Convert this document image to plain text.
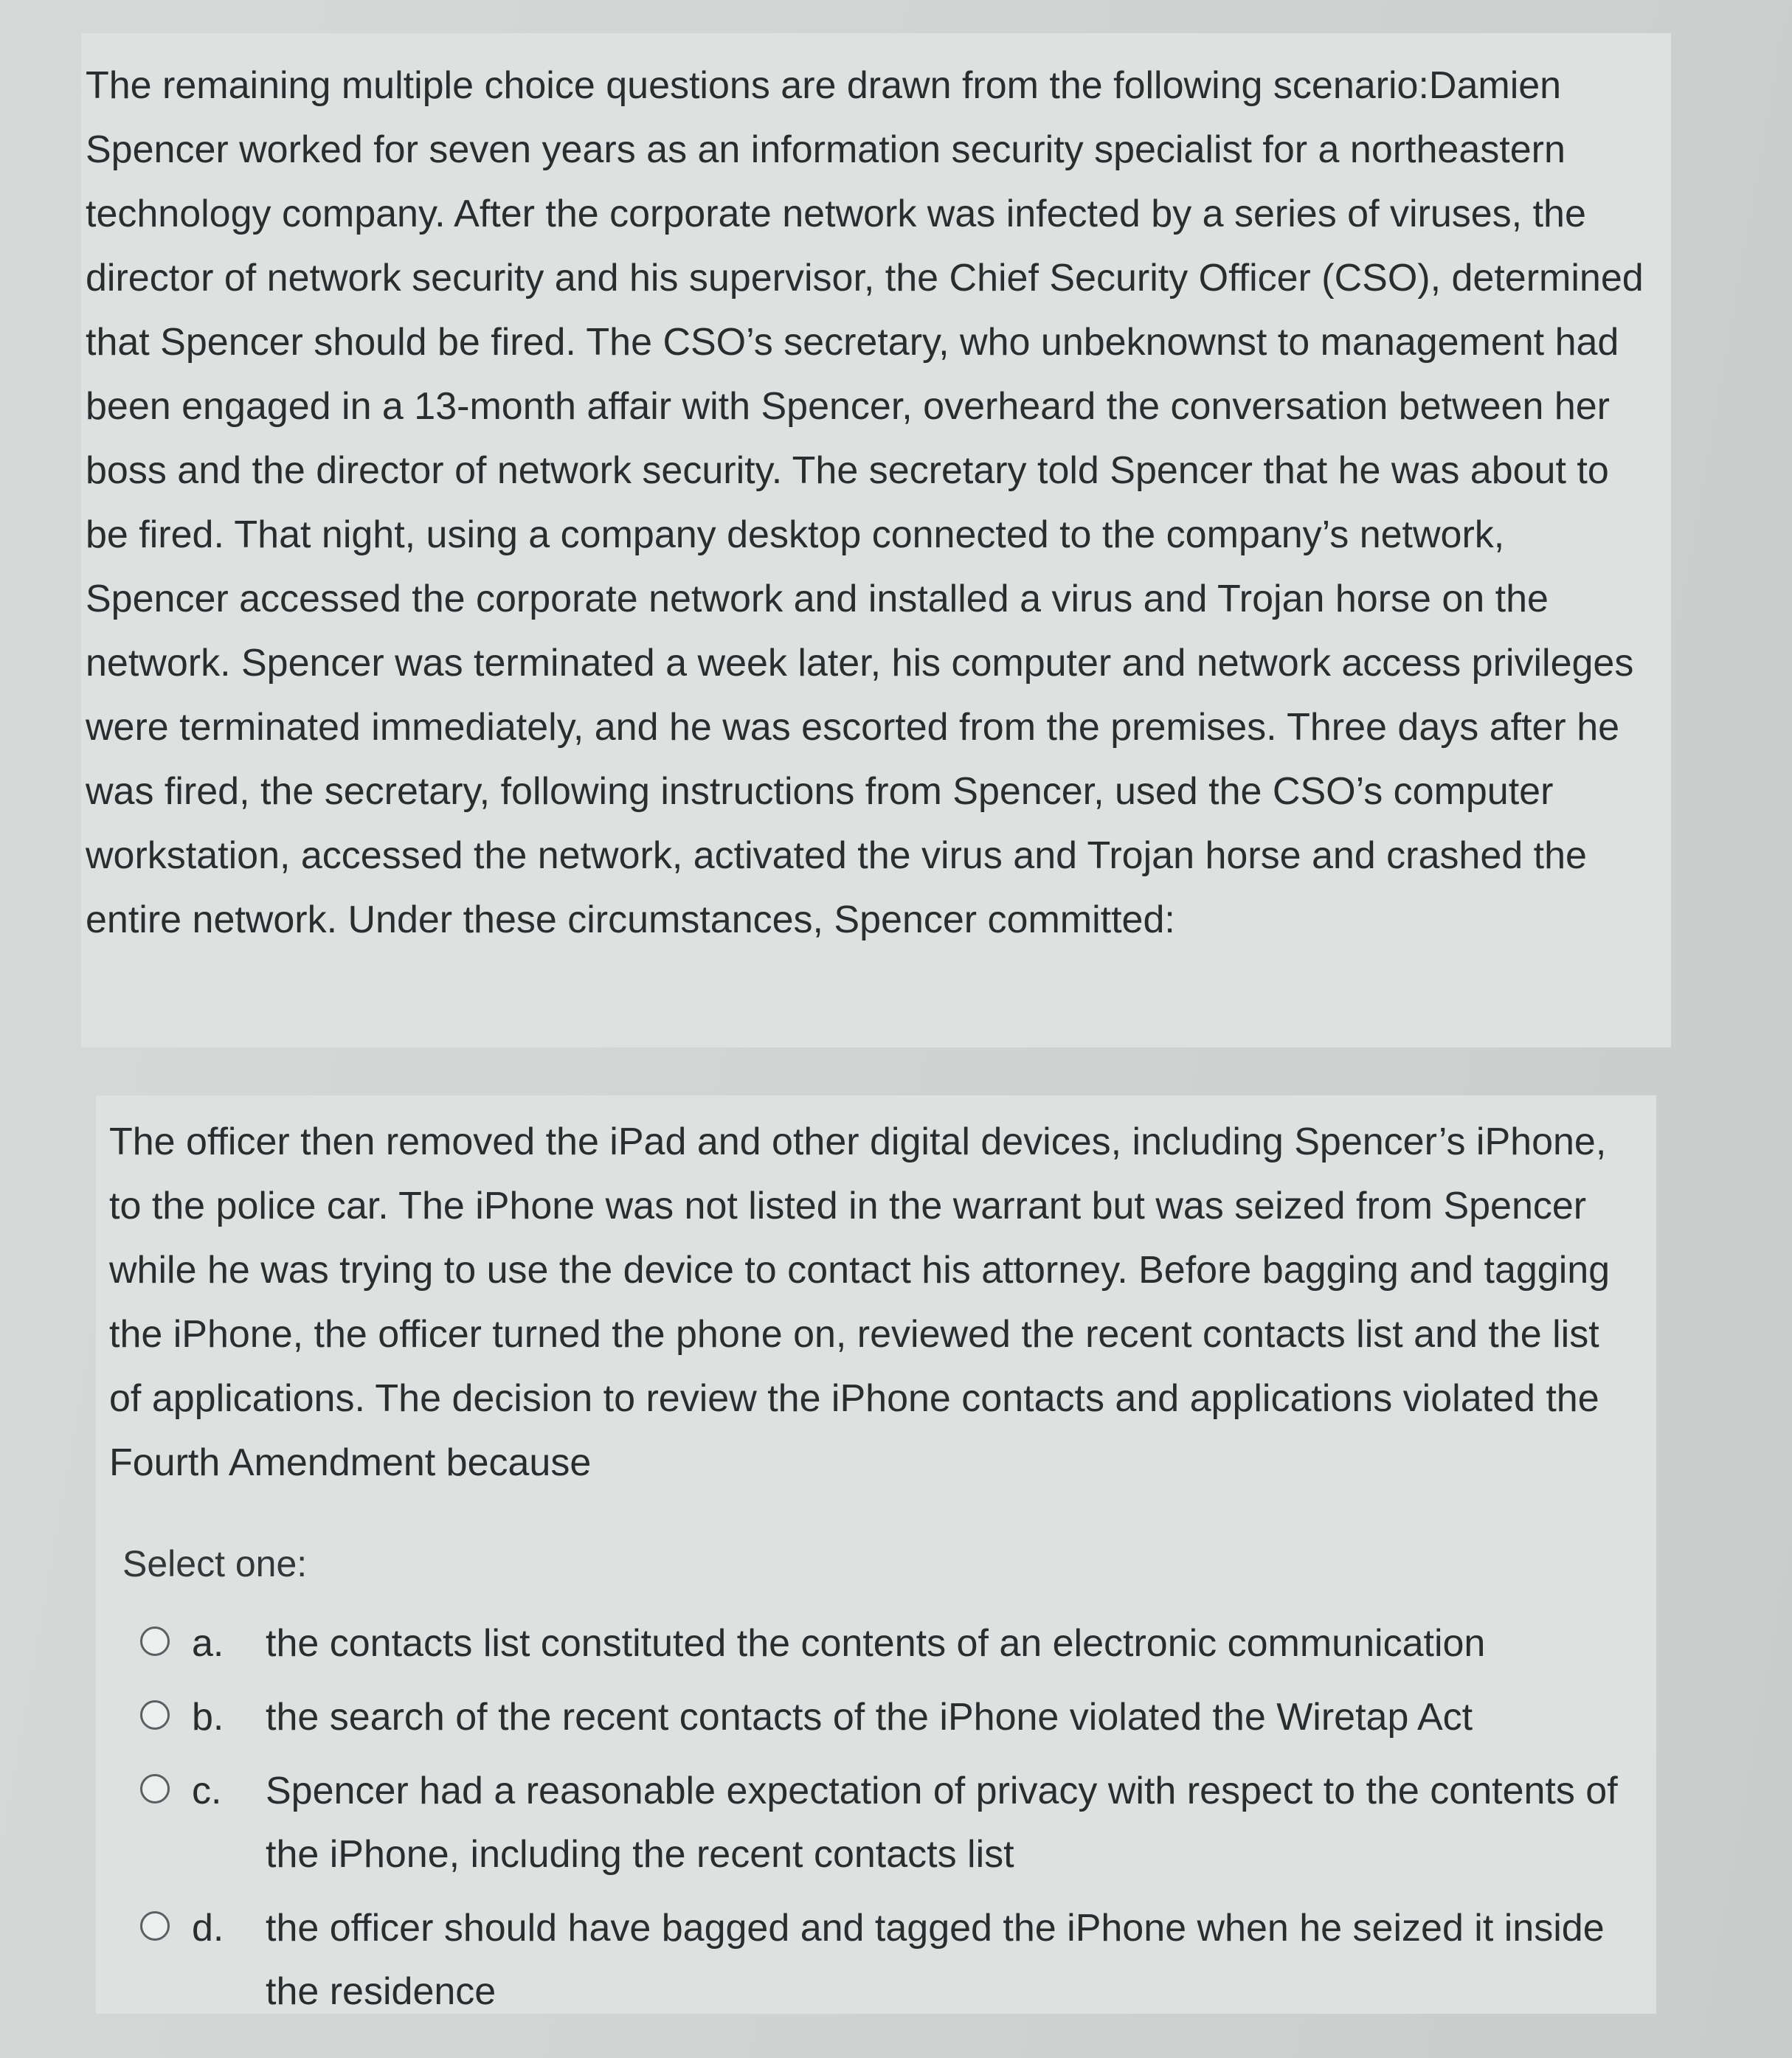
The remaining multiple choice questions are drawn from the following scenario:Damien Spencer worked for seven years as an information security specialist for a northeastern technology company. After the corporate network was infected by a series of viruses, the director of network security and his supervisor, the Chief Security Officer (CSO), determined that Spencer should be fired. The CSO’s secretary, who unbeknownst to management had been engaged in a 13-month affair with Spencer, overheard the conversation between her boss and the director of network security. The secretary told Spencer that he was about to be fired. That night, using a company desktop connected to the company’s network, Spencer accessed the corporate network and installed a virus and Trojan horse on the network. Spencer was terminated a week later, his computer and network access privileges were terminated immediately, and he was escorted from the premises. Three days after he was fired, the secretary, following instructions from Spencer, used the CSO’s computer workstation, accessed the network, activated the virus and Trojan horse and crashed the entire network. Under these circumstances, Spencer committed:

The officer then removed the iPad and other digital devices, including Spencer’s iPhone, to the police car. The iPhone was not listed in the warrant but was seized from Spencer while he was trying to use the device to contact his attorney. Before bagging and tagging the iPhone, the officer turned the phone on, reviewed the recent contacts list and the list of applications. The decision to review the iPhone contacts and applications violated the Fourth Amendment because

Select one:

a.	the contacts list constituted the contents of an electronic communication
b.	the search of the recent contacts of the iPhone violated the Wiretap Act
c.	Spencer had a reasonable expectation of privacy with respect to the contents of the iPhone, including the recent contacts list
d.	the officer should have bagged and tagged the iPhone when he seized it inside the residence
